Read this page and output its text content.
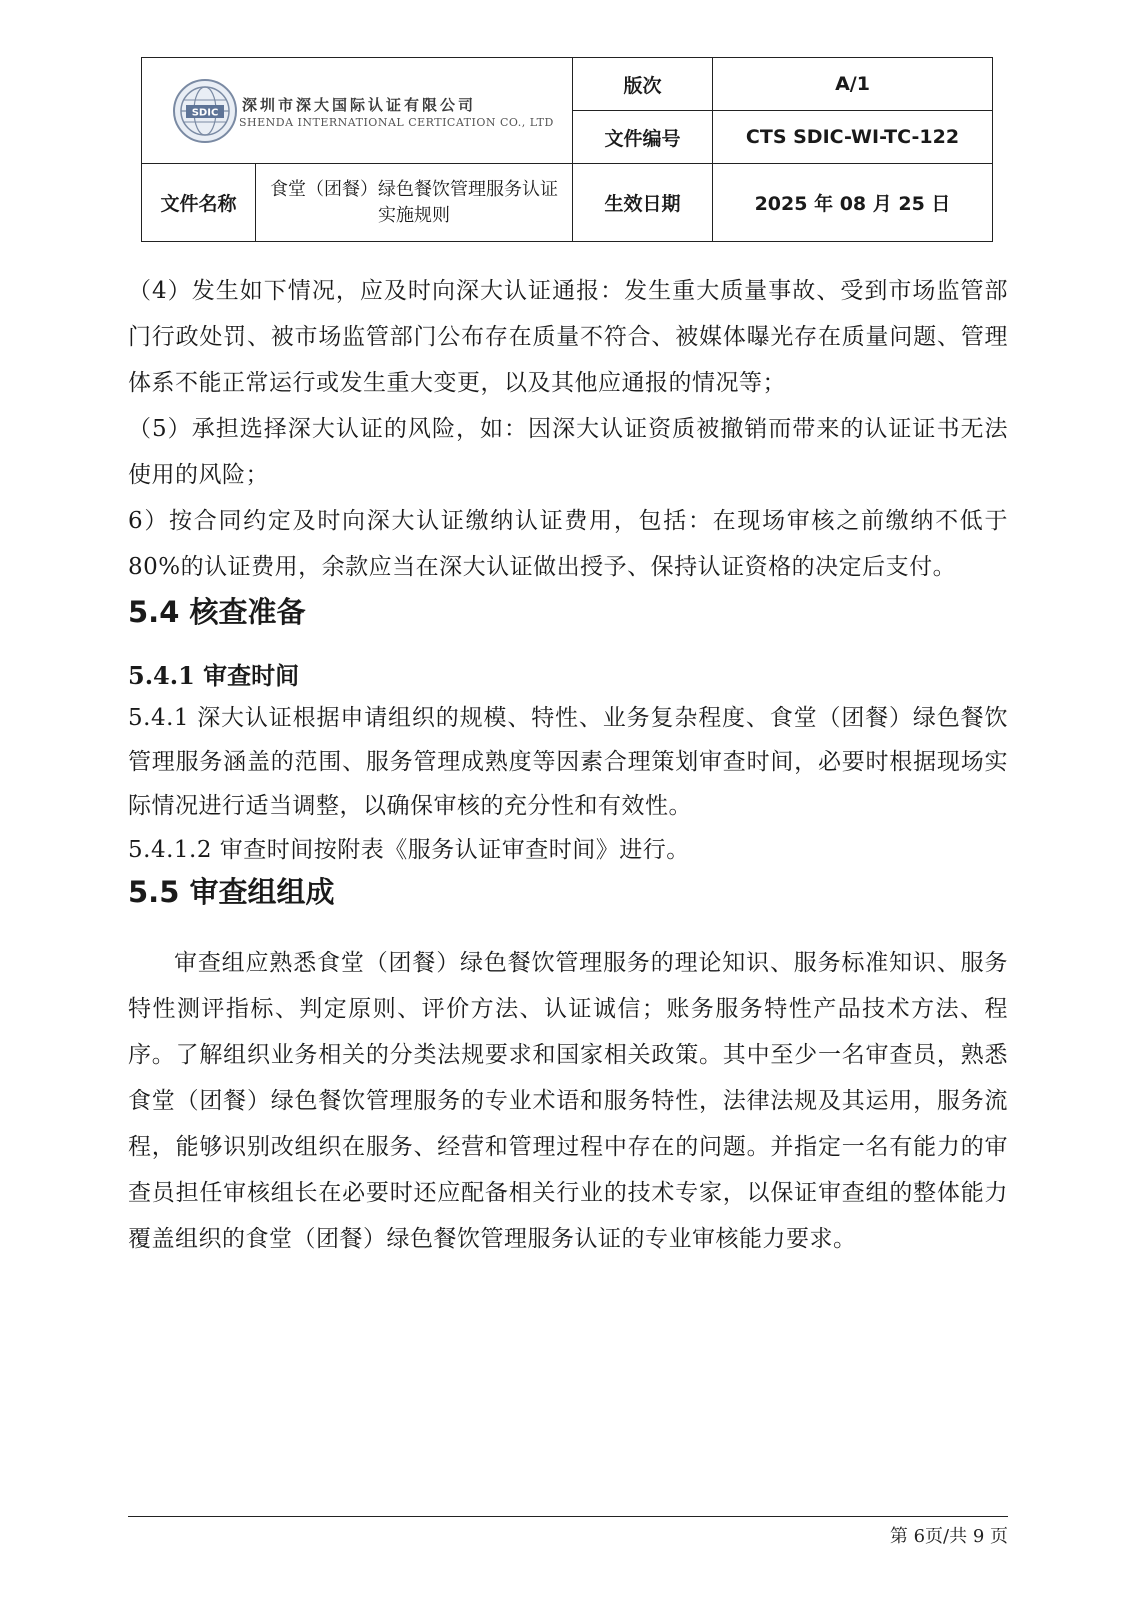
SDIC 深圳市深大国际认证有限公司
SHENDA INTERNATIONAL CERTICATION CO., LTD		版次	A/1
		文件编号	CTS SDIC-WI-TC-122
文件名称	食堂（团餐）绿色餐饮管理服务认证实施规则	生效日期	2025 年 08 月 25 日

（4）发生如下情况，应及时向深大认证通报：发生重大质量事故、受到市场监管部门行政处罚、被市场监管部门公布存在质量不符合、被媒体曝光存在质量问题、管理体系不能正常运行或发生重大变更，以及其他应通报的情况等；

（5）承担选择深大认证的风险，如：因深大认证资质被撤销而带来的认证证书无法使用的风险；

6）按合同约定及时向深大认证缴纳认证费用，包括：在现场审核之前缴纳不低于 80%的认证费用，余款应当在深大认证做出授予、保持认证资格的决定后支付。

5.4 核查准备
5.4.1 审查时间

5.4.1 深大认证根据申请组织的规模、特性、业务复杂程度、食堂（团餐）绿色餐饮管理服务涵盖的范围、服务管理成熟度等因素合理策划审查时间，必要时根据现场实际情况进行适当调整，以确保审核的充分性和有效性。

5.4.1.2 审查时间按附表《服务认证审查时间》进行。

5.5 审查组组成

审查组应熟悉食堂（团餐）绿色餐饮管理服务的理论知识、服务标准知识、服务特性测评指标、判定原则、评价方法、认证诚信；账务服务特性产品技术方法、程序。了解组织业务相关的分类法规要求和国家相关政策。其中至少一名审查员，熟悉食堂（团餐）绿色餐饮管理服务的专业术语和服务特性，法律法规及其运用，服务流程，能够识别改组织在服务、经营和管理过程中存在的问题。并指定一名有能力的审查员担任审核组长在必要时还应配备相关行业的技术专家，以保证审查组的整体能力覆盖组织的食堂（团餐）绿色餐饮管理服务认证的专业审核能力要求。

第 6页/共 9 页
